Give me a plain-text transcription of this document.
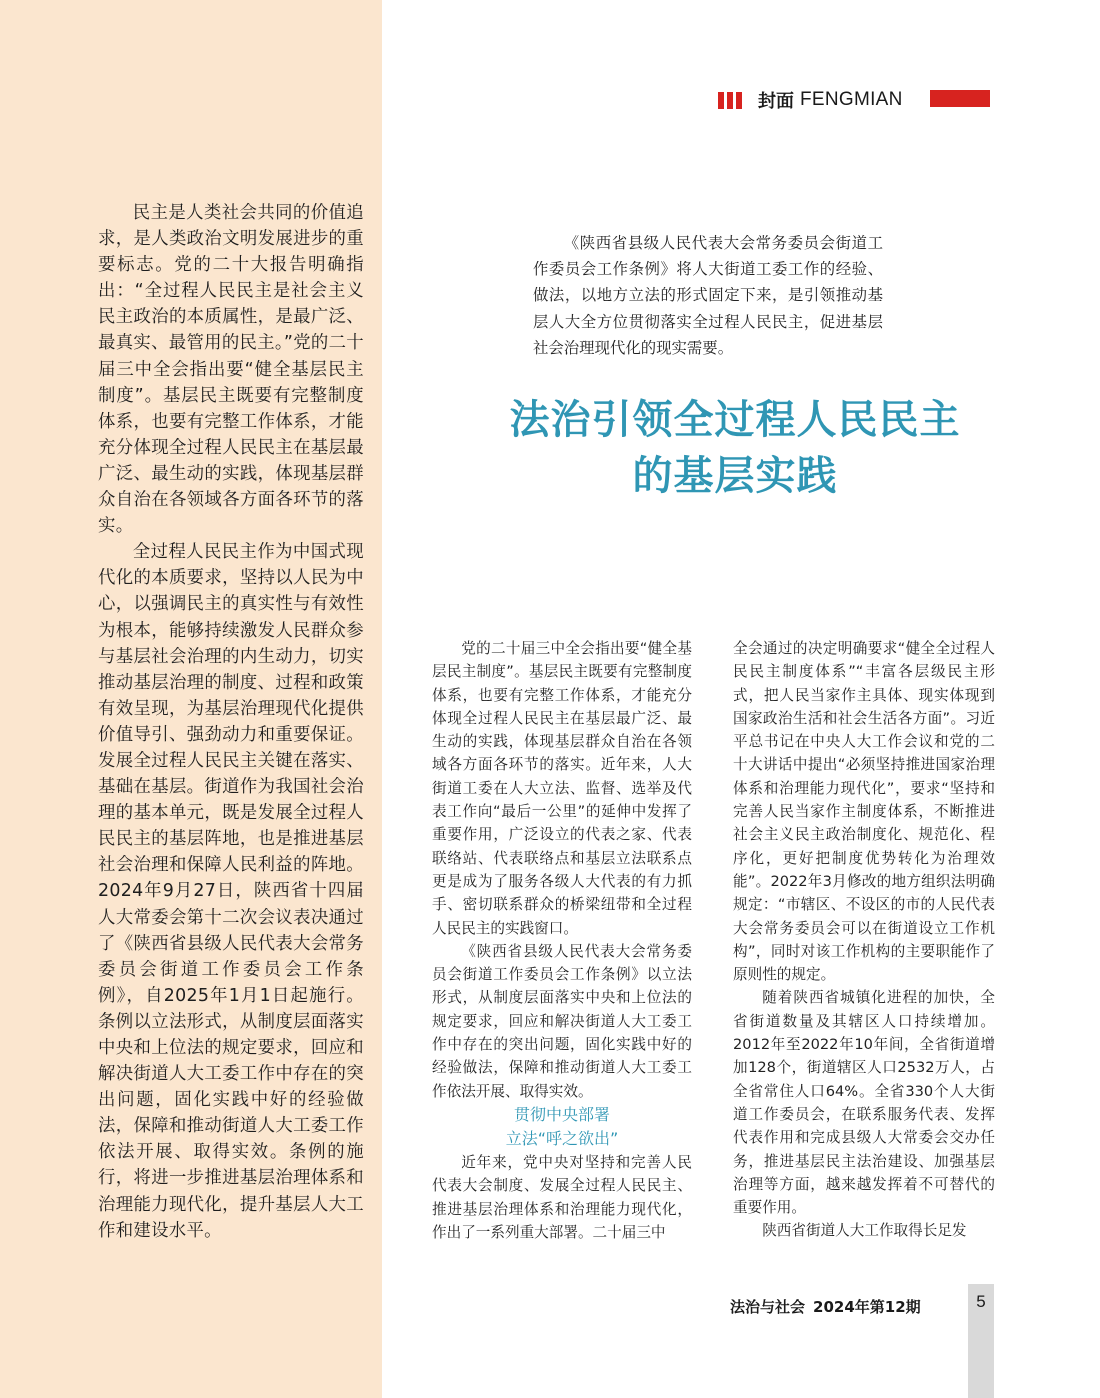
民主是人类社会共同的价值追求，是人类政治文明发展进步的重要标志。党的二十大报告明确指出：“全过程人民民主是社会主义民主政治的本质属性，是最广泛、最真实、最管用的民主。”党的二十届三中全会指出要“健全基层民主制度”。基层民主既要有完整制度体系，也要有完整工作体系，才能充分体现全过程人民民主在基层最广泛、最生动的实践，体现基层群众自治在各领域各方面各环节的落实。

全过程人民民主作为中国式现代化的本质要求，坚持以人民为中心，以强调民主的真实性与有效性为根本，能够持续激发人民群众参与基层社会治理的内生动力，切实推动基层治理的制度、过程和政策有效呈现，为基层治理现代化提供价值导引、强劲动力和重要保证。发展全过程人民民主关键在落实、基础在基层。街道作为我国社会治理的基本单元，既是发展全过程人民民主的基层阵地，也是推进基层社会治理和保障人民利益的阵地。2024年9月27日，陕西省十四届人大常委会第十二次会议表决通过了《陕西省县级人民代表大会常务委员会街道工作委员会工作条例》，自2025年1月1日起施行。条例以立法形式，从制度层面落实中央和上位法的规定要求，回应和解决街道人大工委工作中存在的突出问题，固化实践中好的经验做法，保障和推动街道人大工委工作依法开展、取得实效。条例的施行，将进一步推进基层治理体系和治理能力现代化，提升基层人大工作和建设水平。

封面 FENGMIAN

《陕西省县级人民代表大会常务委员会街道工作委员会工作条例》将人大街道工委工作的经验、做法，以地方立法的形式固定下来，是引领推动基层人大全方位贯彻落实全过程人民民主，促进基层社会治理现代化的现实需要。

法治引领全过程人民民主
的基层实践

党的二十届三中全会指出要“健全基层民主制度”。基层民主既要有完整制度体系，也要有完整工作体系，才能充分体现全过程人民民主在基层最广泛、最生动的实践，体现基层群众自治在各领域各方面各环节的落实。近年来，人大街道工委在人大立法、监督、选举及代表工作向“最后一公里”的延伸中发挥了重要作用，广泛设立的代表之家、代表联络站、代表联络点和基层立法联系点更是成为了服务各级人大代表的有力抓手、密切联系群众的桥梁纽带和全过程人民民主的实践窗口。

《陕西省县级人民代表大会常务委员会街道工作委员会工作条例》以立法形式，从制度层面落实中央和上位法的规定要求，回应和解决街道人大工委工作中存在的突出问题，固化实践中好的经验做法，保障和推动街道人大工委工作依法开展、取得实效。

贯彻中央部署

立法“呼之欲出”

近年来，党中央对坚持和完善人民代表大会制度、发展全过程人民民主、推进基层治理体系和治理能力现代化，作出了一系列重大部署。二十届三中

全会通过的决定明确要求“健全全过程人民民主制度体系”“丰富各层级民主形式，把人民当家作主具体、现实体现到国家政治生活和社会生活各方面”。习近平总书记在中央人大工作会议和党的二十大讲话中提出“必须坚持推进国家治理体系和治理能力现代化”，要求“坚持和完善人民当家作主制度体系，不断推进社会主义民主政治制度化、规范化、程序化，更好把制度优势转化为治理效能”。2022年3月修改的地方组织法明确规定：“市辖区、不设区的市的人民代表大会常务委员会可以在街道设立工作机构”，同时对该工作机构的主要职能作了原则性的规定。

随着陕西省城镇化进程的加快，全省街道数量及其辖区人口持续增加。2012年至2022年10年间，全省街道增加128个，街道辖区人口2532万人，占全省常住人口64%。全省330个人大街道工作委员会，在联系服务代表、发挥代表作用和完成县级人大常委会交办任务，推进基层民主法治建设、加强基层治理等方面，越来越发挥着不可替代的重要作用。

陕西省街道人大工作取得长足发

法治与社会 2024年第12期	5
